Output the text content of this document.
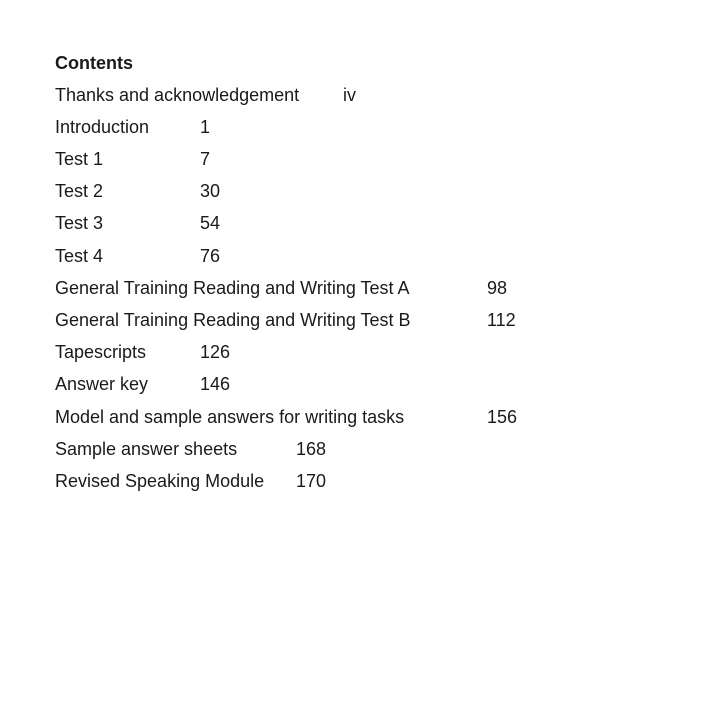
Contents
Thanks and acknowledgement iv
Introduction	1
Test 1	7
Test 2	30
Test 3	54
Test 4	76
General Training Reading and Writing Test A	98
General Training Reading and Writing Test B	112
Tapescripts	126
Answer key	146
Model and sample answers for writing tasks	156
Sample answer sheets	168
Revised Speaking Module 170
